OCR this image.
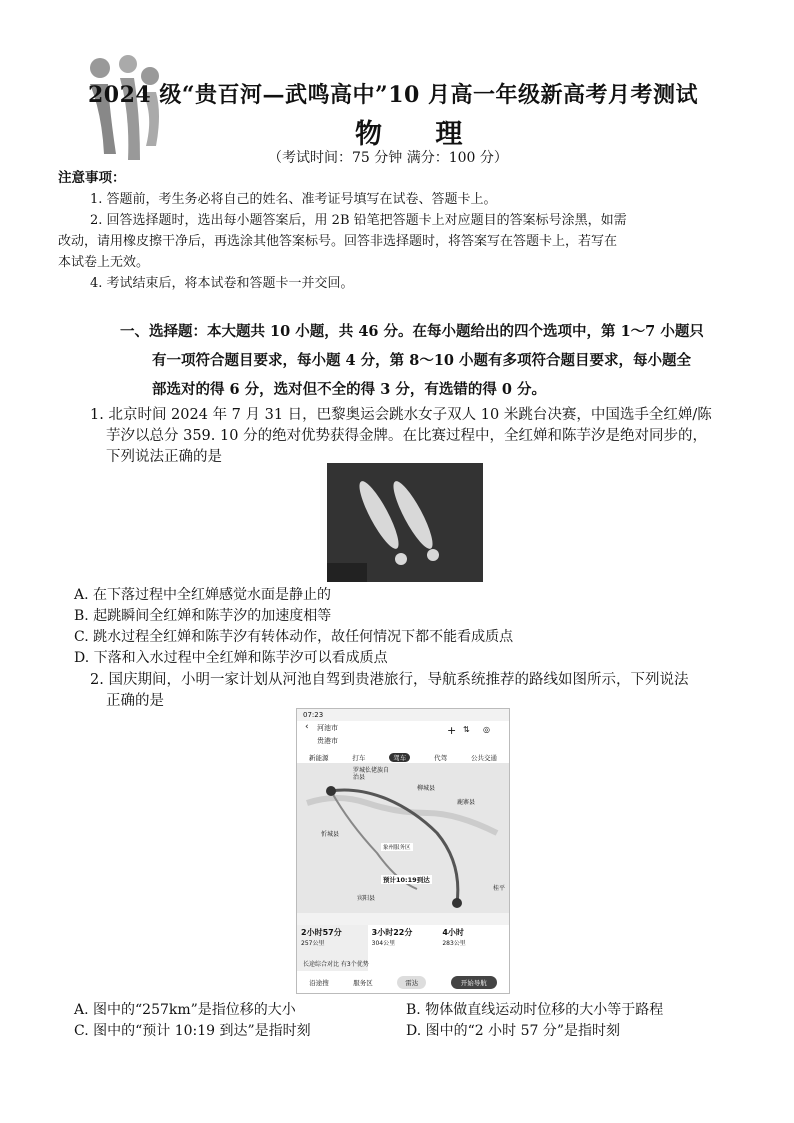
2024 级“贵百河—武鸣高中”10 月高一年级新高考月考测试
物 理
（考试时间：75 分钟 满分：100 分）
注意事项：
1. 答题前，考生务必将自己的姓名、准考证号填写在试卷、答题卡上。
2. 回答选择题时，选出每小题答案后，用 2B 铅笔把答题卡上对应题目的答案标号涂黑，如需
改动，请用橡皮擦干净后，再选涂其他答案标号。回答非选择题时，将答案写在答题卡上，若写在
本试卷上无效。
4. 考试结束后，将本试卷和答题卡一并交回。
一、选择题：本大题共 10 小题，共 46 分。在每小题给出的四个选项中，第 1～7 小题只
有一项符合题目要求，每小题 4 分，第 8～10 小题有多项符合题目要求，每小题全
部选对的得 6 分，选对但不全的得 3 分，有选错的得 0 分。
1. 北京时间 2024 年 7 月 31 日，巴黎奥运会跳水女子双人 10 米跳台决赛，中国选手全红婵/陈
芋汐以总分 359. 10 分的绝对优势获得金牌。在比赛过程中，全红婵和陈芋汐是绝对同步的，
下列说法正确的是
A. 在下落过程中全红婵感觉水面是静止的
B. 起跳瞬间全红婵和陈芋汐的加速度相等
C. 跳水过程全红婵和陈芋汐有转体动作，故任何情况下都不能看成质点
D. 下落和入水过程中全红婵和陈芋汐可以看成质点
2. 国庆期间，小明一家计划从河池自驾到贵港旅行，导航系统推荐的路线如图所示，下列说法
正确的是
07:23
‹ 河池市
贵港市
+ ⇅ ◎
新能源	打车	驾车	代驾	公共交通
罗城仫佬族自治县
柳城县
鹿寨县
忻城县
象州服务区
桂平
宾阳县
预计10:19到达
2小时57分
257公里
3小时22分
304公里
4小时
283公里
长途综合对比 有3个优势
沿途搜	服务区	雷达	开始导航
A. 图中的“257km”是指位移的大小	B. 物体做直线运动时位移的大小等于路程
C. 图中的“预计 10:19 到达”是指时刻	D. 图中的“2 小时 57 分”是指时刻
